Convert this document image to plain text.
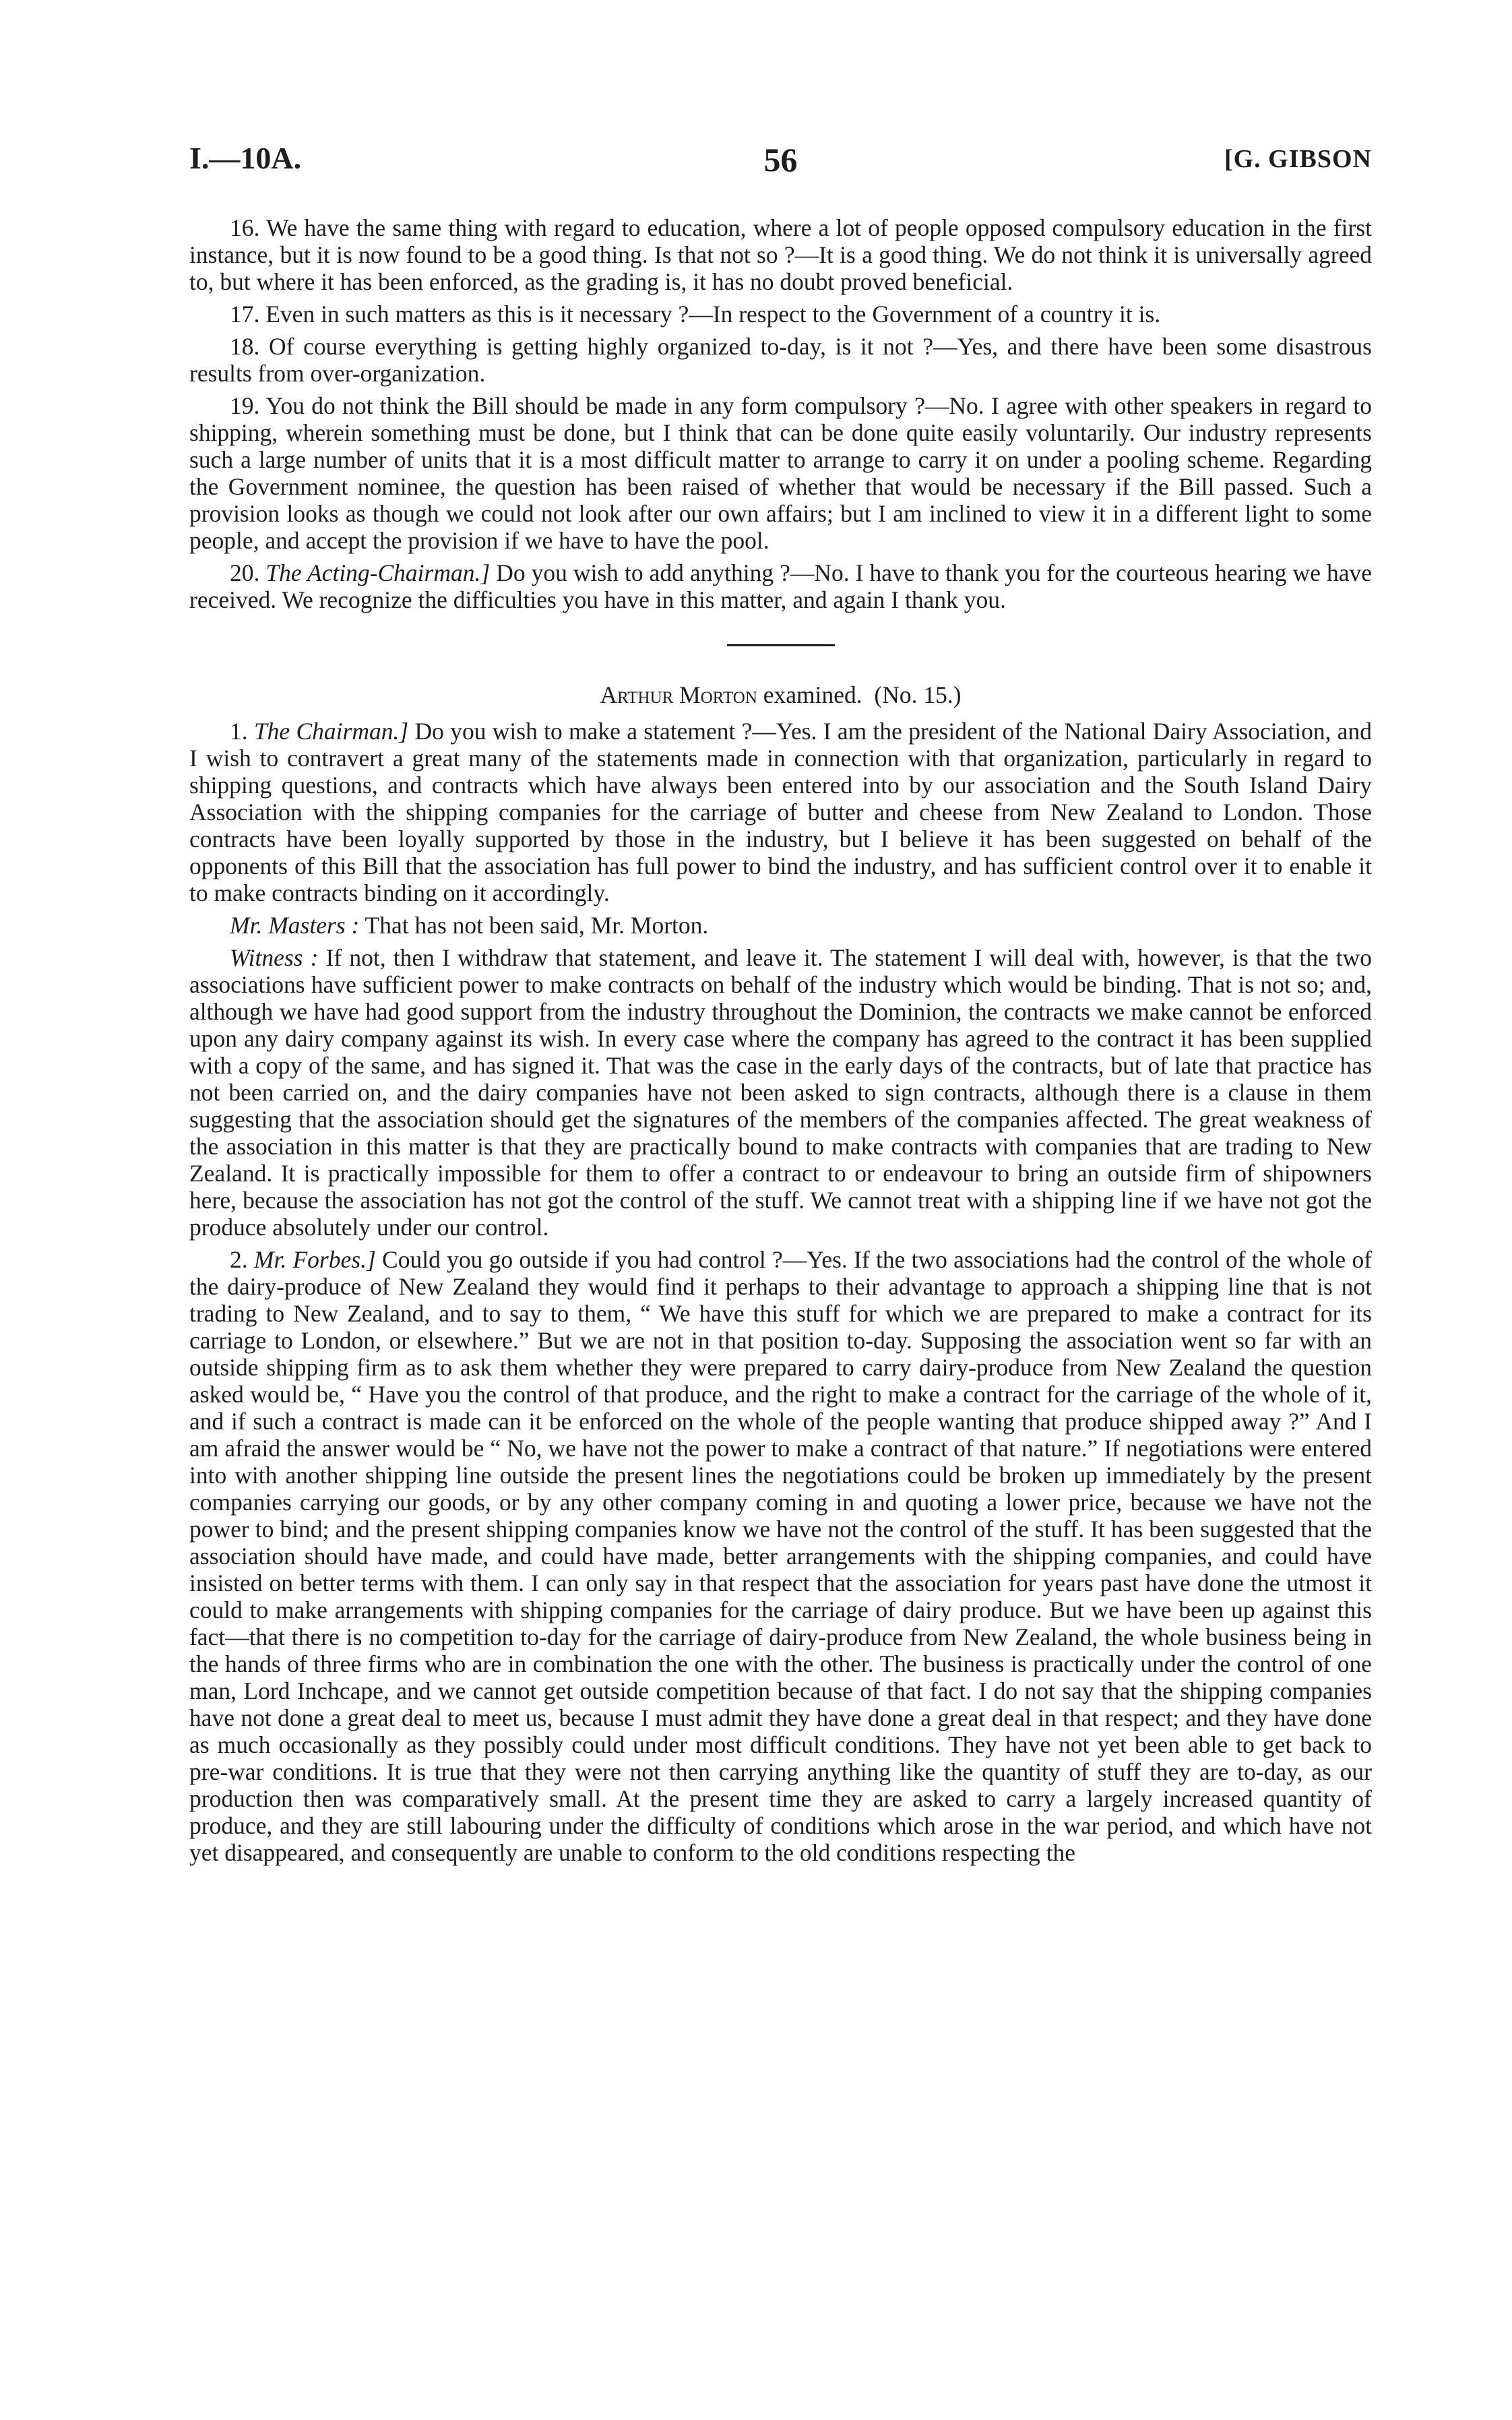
I.—10A.	56	[G. GIBSON

16. We have the same thing with regard to education, where a lot of people opposed compulsory education in the first instance, but it is now found to be a good thing. Is that not so ?—It is a good thing. We do not think it is universally agreed to, but where it has been enforced, as the grading is, it has no doubt proved beneficial.

17. Even in such matters as this is it necessary ?—In respect to the Government of a country it is.

18. Of course everything is getting highly organized to-day, is it not ?—Yes, and there have been some disastrous results from over-organization.

19. You do not think the Bill should be made in any form compulsory ?—No. I agree with other speakers in regard to shipping, wherein something must be done, but I think that can be done quite easily voluntarily. Our industry represents such a large number of units that it is a most difficult matter to arrange to carry it on under a pooling scheme. Regarding the Government nominee, the question has been raised of whether that would be necessary if the Bill passed. Such a provision looks as though we could not look after our own affairs; but I am inclined to view it in a different light to some people, and accept the provision if we have to have the pool.

20. The Acting-Chairman.] Do you wish to add anything ?—No. I have to thank you for the courteous hearing we have received. We recognize the difficulties you have in this matter, and again I thank you.

Arthur Morton examined. (No. 15.)

1. The Chairman.] Do you wish to make a statement ?—Yes. I am the president of the National Dairy Association, and I wish to contravert a great many of the statements made in connection with that organization, particularly in regard to shipping questions, and contracts which have always been entered into by our association and the South Island Dairy Association with the shipping companies for the carriage of butter and cheese from New Zealand to London. Those contracts have been loyally supported by those in the industry, but I believe it has been suggested on behalf of the opponents of this Bill that the association has full power to bind the industry, and has sufficient control over it to enable it to make contracts binding on it accordingly.

Mr. Masters : That has not been said, Mr. Morton.

Witness : If not, then I withdraw that statement, and leave it. The statement I will deal with, however, is that the two associations have sufficient power to make contracts on behalf of the industry which would be binding. That is not so; and, although we have had good support from the industry throughout the Dominion, the contracts we make cannot be enforced upon any dairy company against its wish. In every case where the company has agreed to the contract it has been supplied with a copy of the same, and has signed it. That was the case in the early days of the contracts, but of late that practice has not been carried on, and the dairy companies have not been asked to sign contracts, although there is a clause in them suggesting that the association should get the signatures of the members of the companies affected. The great weakness of the association in this matter is that they are practically bound to make contracts with companies that are trading to New Zealand. It is practically impossible for them to offer a contract to or endeavour to bring an outside firm of shipowners here, because the association has not got the control of the stuff. We cannot treat with a shipping line if we have not got the produce absolutely under our control.

2. Mr. Forbes.] Could you go outside if you had control ?—Yes. If the two associations had the control of the whole of the dairy-produce of New Zealand they would find it perhaps to their advantage to approach a shipping line that is not trading to New Zealand, and to say to them, “ We have this stuff for which we are prepared to make a contract for its carriage to London, or elsewhere.” But we are not in that position to-day. Supposing the association went so far with an outside shipping firm as to ask them whether they were prepared to carry dairy-produce from New Zealand the question asked would be, “ Have you the control of that produce, and the right to make a contract for the carriage of the whole of it, and if such a contract is made can it be enforced on the whole of the people wanting that produce shipped away ?” And I am afraid the answer would be “ No, we have not the power to make a contract of that nature.” If negotiations were entered into with another shipping line outside the present lines the negotiations could be broken up immediately by the present companies carrying our goods, or by any other company coming in and quoting a lower price, because we have not the power to bind; and the present shipping companies know we have not the control of the stuff. It has been suggested that the association should have made, and could have made, better arrangements with the shipping companies, and could have insisted on better terms with them. I can only say in that respect that the association for years past have done the utmost it could to make arrangements with shipping companies for the carriage of dairy produce. But we have been up against this fact—that there is no competition to-day for the carriage of dairy-produce from New Zealand, the whole business being in the hands of three firms who are in combination the one with the other. The business is practically under the control of one man, Lord Inchcape, and we cannot get outside competition because of that fact. I do not say that the shipping companies have not done a great deal to meet us, because I must admit they have done a great deal in that respect; and they have done as much occasionally as they possibly could under most difficult conditions. They have not yet been able to get back to pre-war conditions. It is true that they were not then carrying anything like the quantity of stuff they are to-day, as our production then was comparatively small. At the present time they are asked to carry a largely increased quantity of produce, and they are still labouring under the difficulty of conditions which arose in the war period, and which have not yet disappeared, and consequently are unable to conform to the old conditions respecting the
